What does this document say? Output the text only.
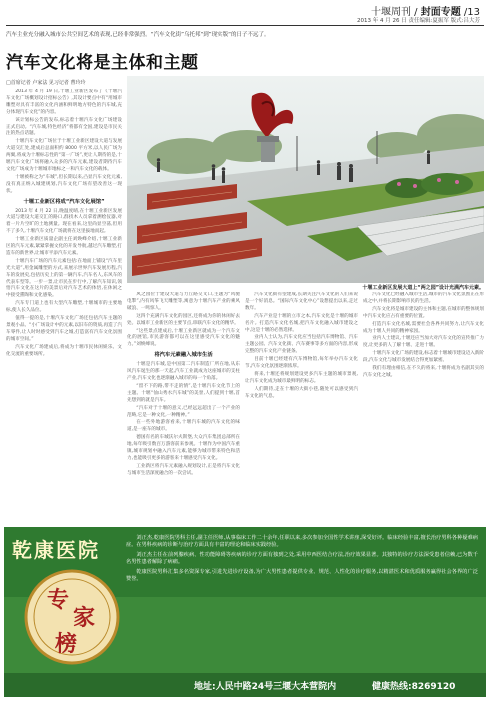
十堰周刊 / 封面专题 /13
2013 年 4 月 26 日 责任编辑:夏振军 版式:吕大芳
汽车主业充分融入城市公共空间艺术的表现,已经非常强烈。“汽车文化街”乌托邦“到”现实版“的日子不远了。
汽车文化将是主体和主题
□首席记者 卢家法 见习记者 曹玲玲

2013 年 4 月 19 日,十堰工业新区发布了《十堰汽车文化广场概划设计招标公告》,其设计要点中有“用城市雕塑对具有丰富的文化内涵和鲜明地方特色的汽车城,充分体现汽车文化”的内容。

该计划标公告的发布,标志着十堰汽车文化广场建设正式启动。“汽车城,特色经济”将都有全国,建设是市民关注的热点话题。

十堰汽车文化广场位于十堰工业新区建设大道与发展大道交汇处,建成后总面积约 8000 平方米,以人民广场为两翼,将成为十堰标志性的“第一广场”,更让人期待的是,十堰汽车文化广场将融入众多的汽车元素,建设者期待汽车文化广场成为十堰城市地标之一和汽车文化的载体。

十堰被称之为“车城”,但长期以来,凸显汽车文化元素,没有真正纳入城建规划,汽车文化广场有望改善这一现状。

十堰工业新区将成“汽车文化展馆”

2013 年 4 月 22 日,晚温度晴,在十堰工业新区发展大道与建设大道交汇的路口,群找木人员拿着测绘仪器,对着一片片空旷的土地测量。现在看来,这里尚显空荡,但用不了多久,十堰汽车文化广场就将在这里拔地而起。

十堰工业新区质量企副主任刘焕峰介绍,十堰工业新区的汽车元素,紧紧掌握文化的开发导航,越过汽车雕塑,打造车的新世界,让城市平添汽车元素。

十堰汽车广场的汽车元素包括:在地面上铺设“汽车里光大道”,用金属雕塑的方式,来展示世界汽车发展历程,汽车的发展史,包括历史上的第一辆汽车,汽车名人,东风车的代表车型等。一步一景,让市民在步行中,了解汽车知识,领悟汽车文化在这片的美景后对汽车艺术的体悟,在休闲之中接受熏陶和文化感染。

汽车专门道上也有大型汽车雕塑,十堰城市的主要地标,使人长久品位。

值得一提的是,十堰汽车文化广场还包括汽车主题的景观小品。“小广场设计中的元素,以旧车的资质,再造了汽车零件,让人时时感受到汽车之城,打造富有汽车文化氛围的城市空间。”

汽车文化广场建成后,将成为十堰市民休闲娱乐、文化交流的重要场所。

风之园位于建设大道与力丘路交叉口,主题为“风驰电掣”,内有风筝飞天雕塑等,寓意为十堰汽车产业的乘风破浪、一鸣惊人。

这四个充满汽车文化的园区,还将成为你的休闲好去处。以城市工业新区的主要节点,串联汽车文化的精华。

“这些景点建成后,十堰工业新区就成为一个汽车文化的展馆,市民游客都可以在这里感受汽车文化的魅力。”刘焕峰说。

将汽车元素融入城市生活

十堰是汽车城,是中国第二汽车制造厂所在地,从东风汽车诞生的那一天起,汽车工业就成为这座城市的支柱产业,汽车文化也逐渐融入城市的每一个角落。

“留不下的路,带不走的情”,是十堰汽车文化节上的主题。十堰“仙山秀水汽车城”的美誉,人们提到十堰,首先想到的就是汽车。

“汽车对于十堰的意义,已经远远超出了一个产业的范畴,它是一种文化,一种精神。”

在一些外地游客看来,十堰汽车城的汽车文化的味道,是一座车的城市。

德国有名的车城沃尔夫斯堡,大众汽车集团总部所在地,每年吸引数百万游客前来参观。十堰作为中国汽车重镇,城市规划中融入汽车元素,能够为城市带来特色和活力,也能吸引更多的游客来十堰感受汽车文化。

工业新区将汽车元素融入规划设计,正是将汽车文化与城市生活深度融合的一次尝试。

汽车文化街有望建成,长期关注汽车文化的人们来说是一个好消息。“国际汽车文化中心”设想提出以来,走过数年。

汽车产业是十堰的立市之本,汽车文化是十堰的城市名片。打造汽车文化名城,把汽车文化融入城市建设之中,这是十堰的必然选择。

业内人士认为,汽车文化应当包括汽车博物馆、汽车主题公园、汽车文化街、汽车赛事等多方面的内容,形成完整的汽车文化产业链条。

目前十堰已经建有汽车博物馆,每年举办汽车文化节,汽车文化氛围逐渐浓厚。

将来,十堰还将规划建设更多汽车主题的城市景观,让汽车文化成为城市最鲜明的标志。

人们期待,走在十堰的大街小巷,随处可以感受到汽车文化的气息。

汽车文化已经融入城市生活,城市的汽车文化氛围正在形成之中,并将长期影响市民的生活。

汽车文化将是城市建设的主体和主题,在城市的整体规划中汽车文化应占有重要的位置。

打造汽车文化名城,需要社会各界共同努力,让汽车文化成为十堰人共同的精神家园。

业内人士建议,十堰还应当加大对汽车文化的宣传推广力度,让更多的人了解十堰、走进十堰。

十堰汽车文化广场的建设,标志着十堰城市建设迈入新阶段,汽车文化与城市发展结合得更加紧密。

我们有理由相信,在不久的将来,十堰将成为名副其实的汽车文化之城。

十堰工业新区发展大道上“两之园”设计光满汽车元素。
乾康医院
专
家
榜

刘正杰,乾康医院男科主任,副主任医师,从事临床工作二十余年,任职以来,多次参加全国性学术讲座,深受好评。临床经验丰富,擅长治疗男科各种疑难病症。在男科疾病的诊断与治疗方面具有丰富的理论和临床实践经验。

刘正杰主任在前列腺疾病、性功能障碍等疾病的诊疗方面有独到之处,采用中西医结合疗法,治疗效果显著。其独特的诊疗方法深受患者信赖,已为数千名男性患者解除了病痛。

乾康医院男科汇集多名资深专家,引进先进诊疗设备,为广大男性患者提供专业、规范、人性化的诊疗服务,以精湛医术和优质服务赢得社会各界的广泛赞誉。

地址:人民中路24号三堰大本营院内	健康热线:8269120
